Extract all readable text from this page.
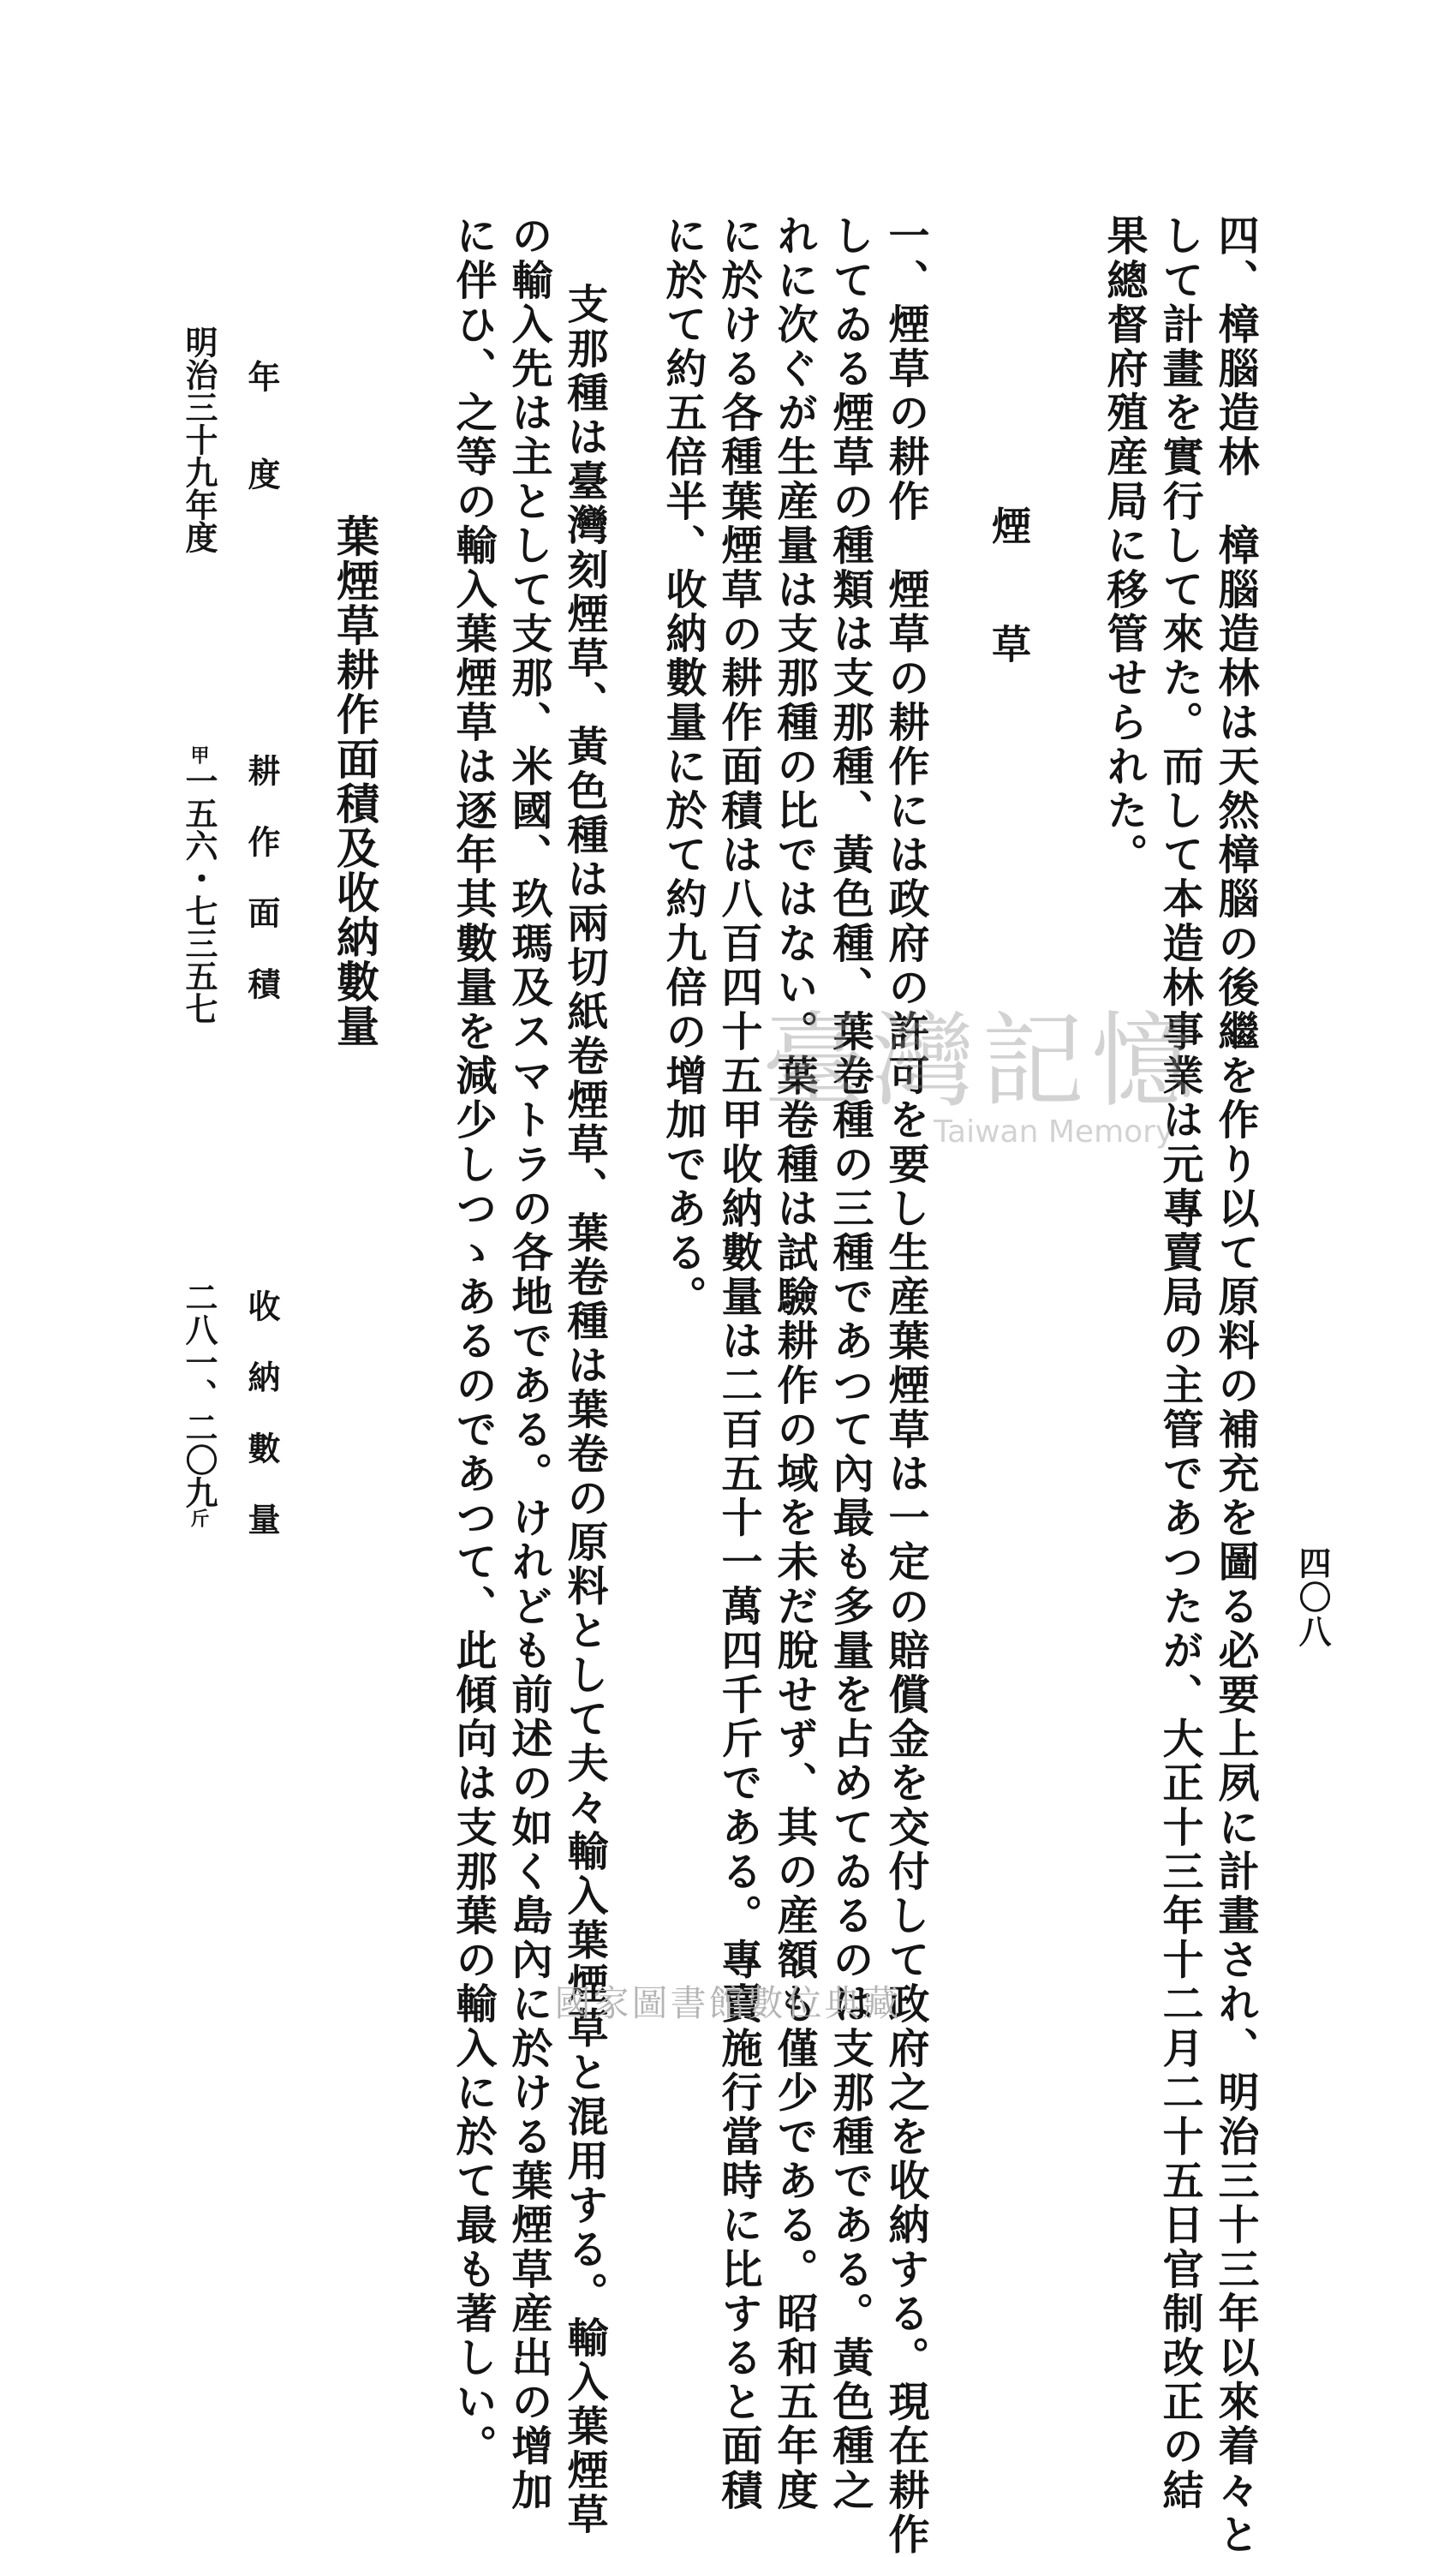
四〇八
四、樟腦造林　樟腦造林は天然樟腦の後繼を作り以て原料の補充を圖る必要上夙に計畫され、明治三十三年以來着々と
して計畫を實行して來た。而して本造林事業は元專賣局の主管であつたが、大正十三年十二月二十五日官制改正の結
果總督府殖産局に移管せられた。
煙　　草
一、煙草の耕作　煙草の耕作には政府の許可を要し生産葉煙草は一定の賠償金を交付して政府之を收納する。現在耕作
してゐる煙草の種類は支那種、黃色種、葉卷種の三種であつて內最も多量を占めてゐるのは支那種である。黃色種之
れに次ぐが生産量は支那種の比ではない。葉卷種は試驗耕作の域を未だ脫せず、其の産額も僅少である。昭和五年度
に於ける各種葉煙草の耕作面積は八百四十五甲收納數量は二百五十一萬四千斤である。專賣施行當時に比すると面積
に於て約五倍半、收納數量に於て約九倍の增加である。
支那種は臺灣刻煙草、黃色種は兩切紙卷煙草、葉卷種は葉卷の原料として夫々輸入葉煙草と混用する。輸入葉煙草
の輸入先は主として支那、米國、玖瑪及スマトラの各地である。けれども前述の如く島內に於ける葉煙草産出の增加
に伴ひ、之等の輸入葉煙草は逐年其數量を減少しつゝあるのであつて、此傾向は支那葉の輸入に於て最も著しい。
葉煙草耕作面積及收納數量
年　　度
耕 作 面 積
收 納 數 量
明治三十九年度
甲一五六・七三五七
二八一、二〇九斤
臺灣記憶
Taiwan Memory
國家圖書館數位典藏
